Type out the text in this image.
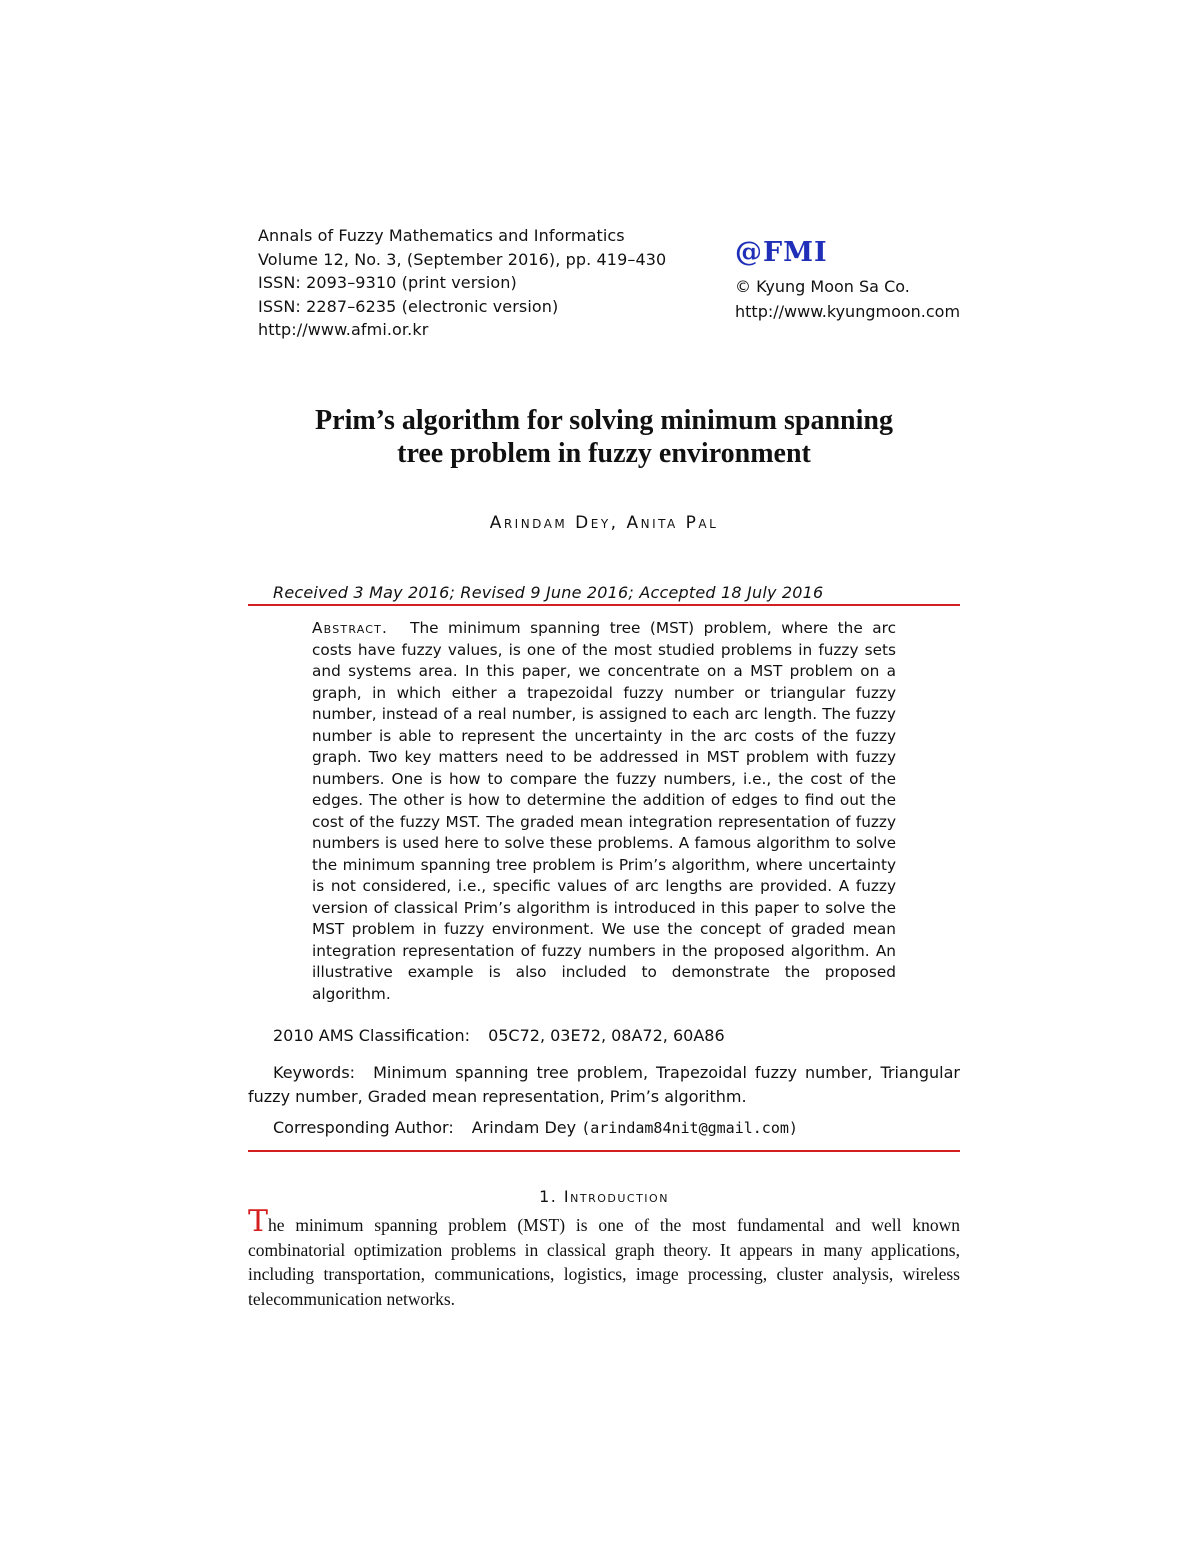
Annals of Fuzzy Mathematics and Informatics
Volume 12, No. 3, (September 2016), pp. 419–430
ISSN: 2093–9310 (print version)
ISSN: 2287–6235 (electronic version)
http://www.afmi.or.kr
@FMI
© Kyung Moon Sa Co.
http://www.kyungmoon.com
Prim’s algorithm for solving minimum spanning
tree problem in fuzzy environment
Arindam Dey, Anita Pal
Received 3 May 2016; Revised 9 June 2016; Accepted 18 July 2016
Abstract. The minimum spanning tree (MST) problem, where the arc costs have fuzzy values, is one of the most studied problems in fuzzy sets and systems area. In this paper, we concentrate on a MST problem on a graph, in which either a trapezoidal fuzzy number or triangular fuzzy number, instead of a real number, is assigned to each arc length. The fuzzy number is able to represent the uncertainty in the arc costs of the fuzzy graph. Two key matters need to be addressed in MST problem with fuzzy numbers. One is how to compare the fuzzy numbers, i.e., the cost of the edges. The other is how to determine the addition of edges to find out the cost of the fuzzy MST. The graded mean integration representation of fuzzy numbers is used here to solve these problems. A famous algorithm to solve the minimum spanning tree problem is Prim’s algorithm, where uncertainty is not considered, i.e., specific values of arc lengths are provided. A fuzzy version of classical Prim’s algorithm is introduced in this paper to solve the MST problem in fuzzy environment. We use the concept of graded mean integration representation of fuzzy numbers in the proposed algorithm. An illustrative example is also included to demonstrate the proposed algorithm.
2010 AMS Classification: 05C72, 03E72, 08A72, 60A86
Keywords: Minimum spanning tree problem, Trapezoidal fuzzy number, Triangular fuzzy number, Graded mean representation, Prim’s algorithm.
Corresponding Author: Arindam Dey (arindam84nit@gmail.com)
1. Introduction
The minimum spanning problem (MST) is one of the most fundamental and well known combinatorial optimization problems in classical graph theory. It appears in many applications, including transportation, communications, logistics, image processing, cluster analysis, wireless telecommunication networks.
